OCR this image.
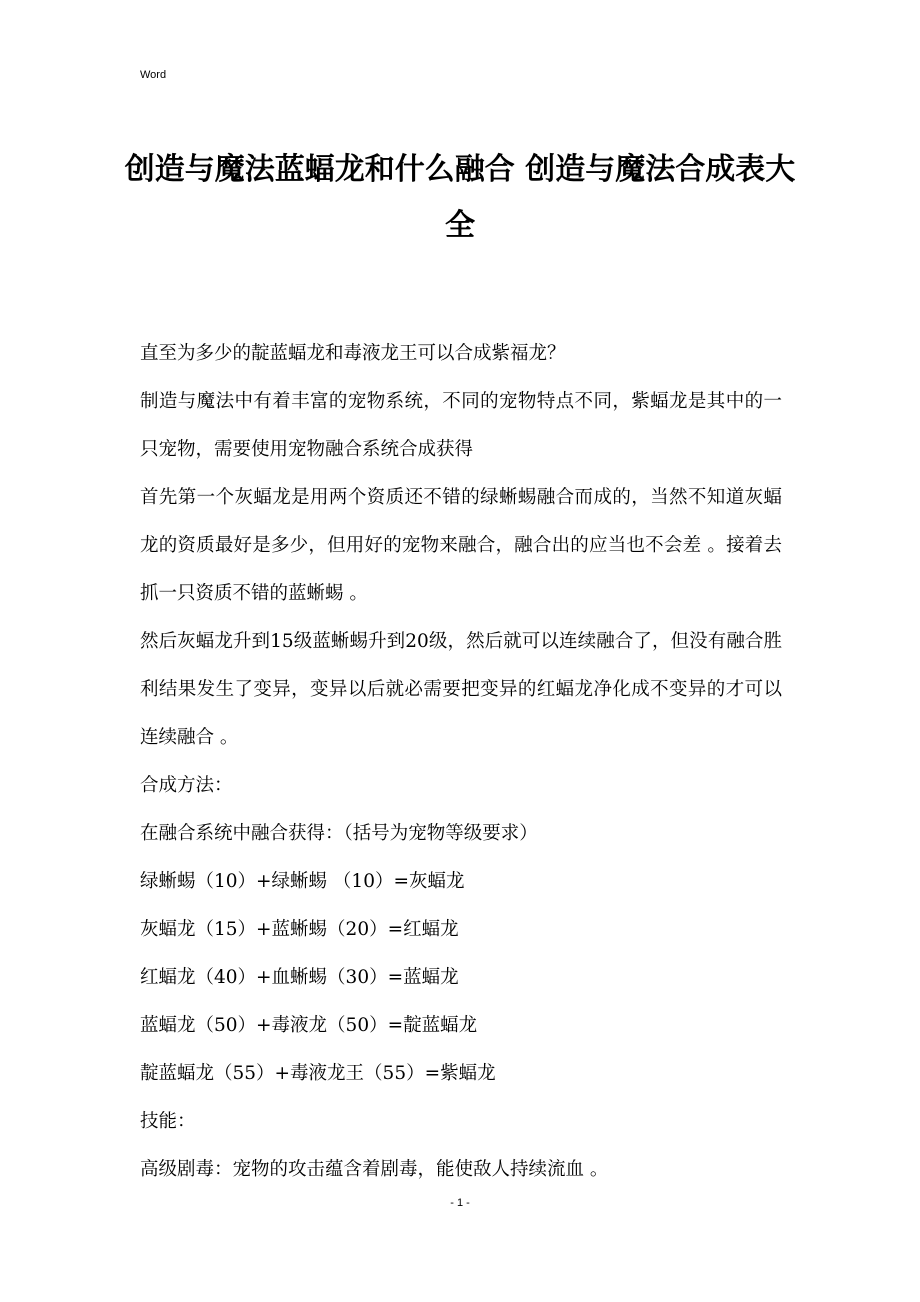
Word
创造与魔法蓝蝠龙和什么融合 创造与魔法合成表大全

直至为多少的靛蓝蝠龙和毒液龙王可以合成紫福龙？

制造与魔法中有着丰富的宠物系统，不同的宠物特点不同，紫蝠龙是其中的一只宠物，需要使用宠物融合系统合成获得

首先第一个灰蝠龙是用两个资质还不错的绿蜥蜴融合而成的，当然不知道灰蝠龙的资质最好是多少，但用好的宠物来融合，融合出的应当也不会差 。接着去抓一只资质不错的蓝蜥蜴 。

然后灰蝠龙升到15级蓝蜥蜴升到20级，然后就可以连续融合了，但没有融合胜利结果发生了变异，变异以后就必需要把变异的红蝠龙净化成不变异的才可以连续融合 。

合成方法：

在融合系统中融合获得：（括号为宠物等级要求）

绿蜥蜴（10）+绿蜥蜴 （10）=灰蝠龙

灰蝠龙（15）+蓝蜥蜴（20）=红蝠龙

红蝠龙（40）+血蜥蜴（30）=蓝蝠龙

蓝蝠龙（50）+毒液龙（50）=靛蓝蝠龙

靛蓝蝠龙（55）+毒液龙王（55）=紫蝠龙

技能：

高级剧毒：宠物的攻击蕴含着剧毒，能使敌人持续流血 。

- 1 -
